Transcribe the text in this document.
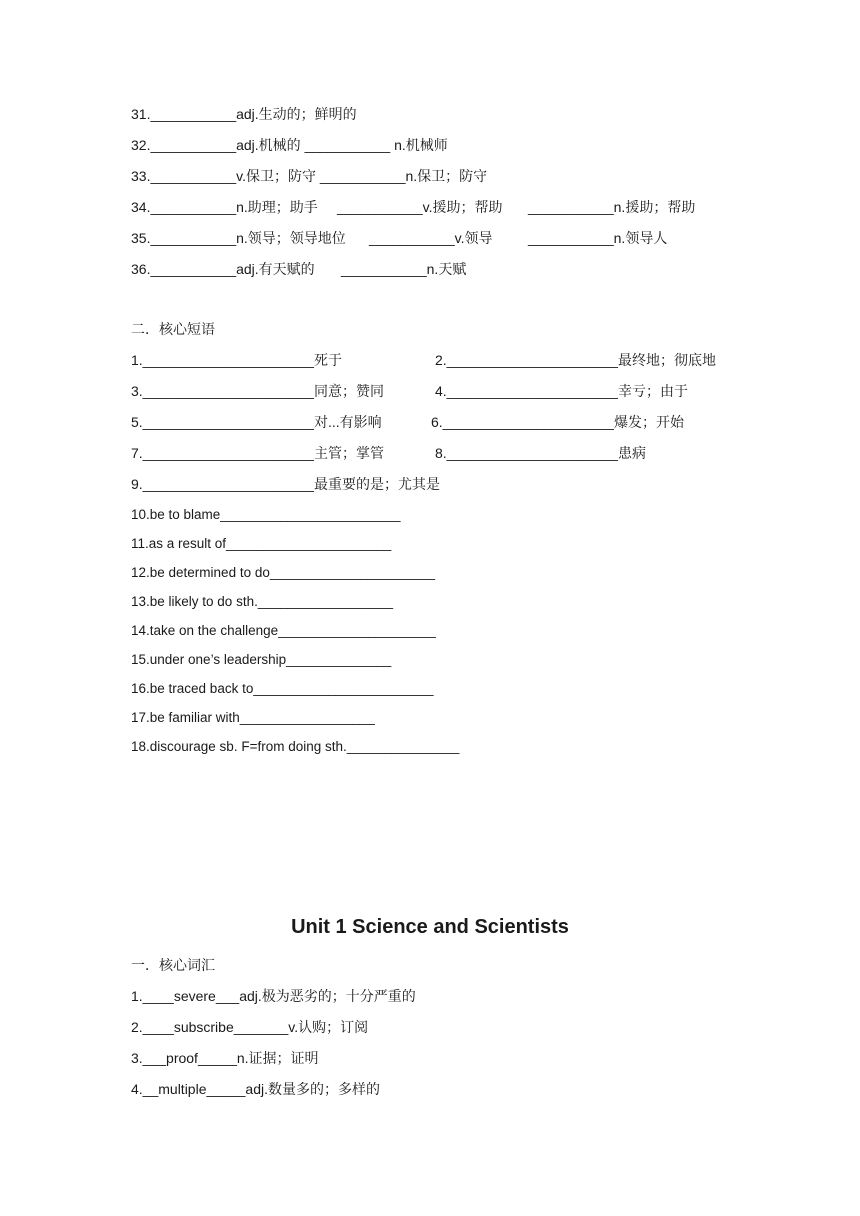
31.___________adj.生动的；鲜明的
32.___________adj.机械的 ___________ n.机械师
33.___________v.保卫；防守 ___________n.保卫；防守
34.___________n.助理；助手 ___________v.援助；帮助 ___________n.援助；帮助
35.___________n.领导；领导地位 ___________v.领导	___________n.领导人
36.___________adj.有天赋的 ___________n.天赋
二．核心短语
1.______________________死于	2.______________________最终地；彻底地
3.______________________同意；赞同	4.______________________幸亏；由于
5.______________________对...有影响	6.______________________爆发；开始
7.______________________主管；掌管	8.______________________患病
9.______________________最重要的是；尤其是
10.be to blame________________________
11.as a result of______________________
12.be determined to do______________________
13.be likely to do sth.__________________
14.take on the challenge_____________________
15.under one’s leadership______________
16.be traced back to________________________
17.be familiar with__________________
18.discourage sb. F=from doing sth._______________
Unit 1 Science and Scientists
一．核心词汇
1.____severe___adj.极为恶劣的；十分严重的
2.____subscribe_______v.认购；订阅
3.___proof_____n.证据；证明
4.__multiple_____adj.数量多的；多样的
